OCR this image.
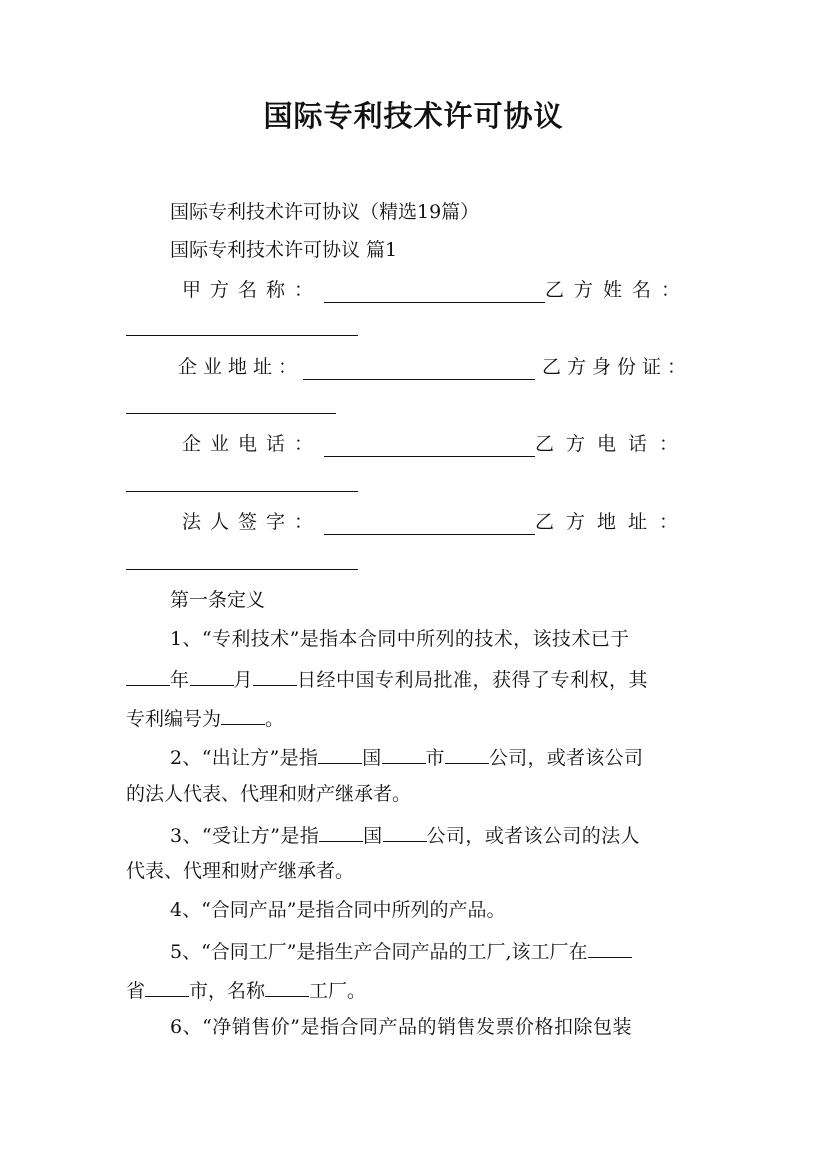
国际专利技术许可协议
国际专利技术许可协议（精选19篇）
国际专利技术许可协议 篇1
甲方名称：	乙方姓名：
企业地址：	乙方身份证：
企业电话：	乙方电话：
法人签字：	乙方地址：
第一条定义
1、“专利技术”是指本合同中所列的技术，该技术已于
年 月 日经中国专利局批准，获得了专利权，其
专利编号为 。
2、“出让方”是指 国 市 公司，或者该公司
的法人代表、代理和财产继承者。
3、“受让方”是指 国 公司，或者该公司的法人
代表、代理和财产继承者。
4、“合同产品”是指合同中所列的产品。
5、“合同工厂”是指生产合同产品的工厂,该工厂在
省 市，名称 工厂。
6、“净销售价”是指合同产品的销售发票价格扣除包装
